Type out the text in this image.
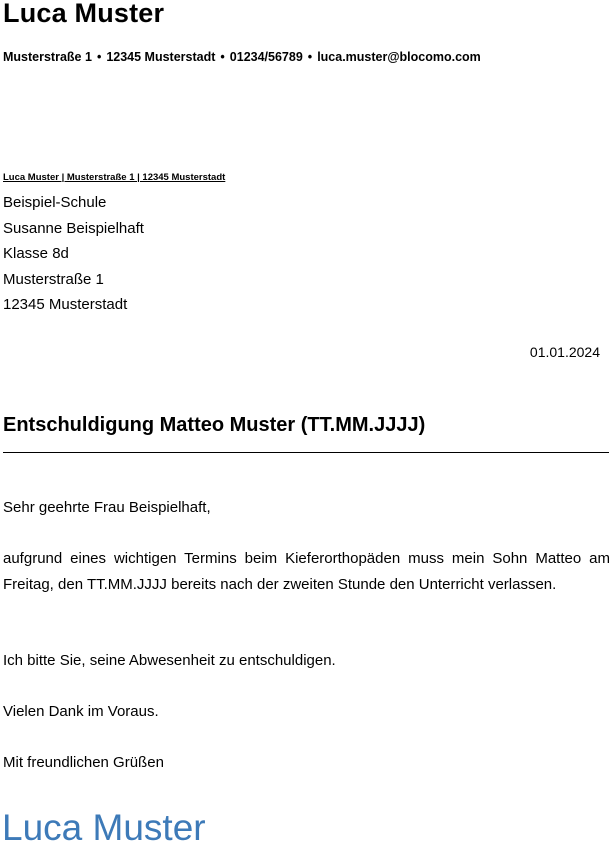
Luca Muster
Musterstraße 1 • 12345 Musterstadt • 01234/56789 • luca.muster@blocomo.com
Luca Muster | Musterstraße 1 | 12345 Musterstadt
Beispiel-Schule
Susanne Beispielhaft
Klasse 8d
Musterstraße 1
12345 Musterstadt
01.01.2024
Entschuldigung Matteo Muster (TT.MM.JJJJ)
Sehr geehrte Frau Beispielhaft,
aufgrund eines wichtigen Termins beim Kieferorthopäden muss mein Sohn Matteo am Freitag, den TT.MM.JJJJ bereits nach der zweiten Stunde den Unterricht verlassen.
Ich bitte Sie, seine Abwesenheit zu entschuldigen.
Vielen Dank im Voraus.
Mit freundlichen Grüßen
Luca Muster
